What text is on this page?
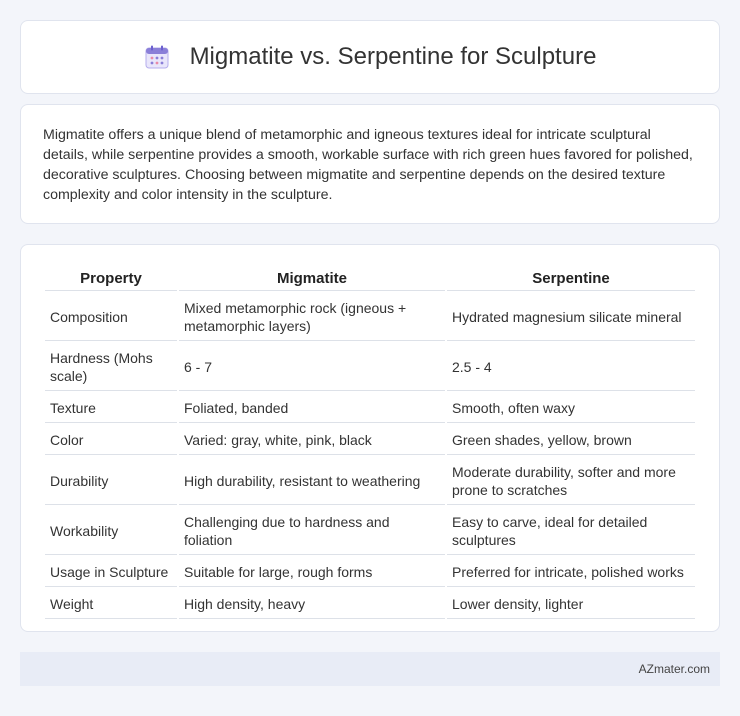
Migmatite vs. Serpentine for Sculpture

Migmatite offers a unique blend of metamorphic and igneous textures ideal for intricate sculptural details, while serpentine provides a smooth, workable surface with rich green hues favored for polished, decorative sculptures. Choosing between migmatite and serpentine depends on the desired texture complexity and color intensity in the sculpture.

Property	Migmatite	Serpentine
Composition	Mixed metamorphic rock (igneous + metamorphic layers)	Hydrated magnesium silicate mineral
Hardness (Mohs scale)	6 - 7	2.5 - 4
Texture	Foliated, banded	Smooth, often waxy
Color	Varied: gray, white, pink, black	Green shades, yellow, brown
Durability	High durability, resistant to weathering	Moderate durability, softer and more prone to scratches
Workability	Challenging due to hardness and foliation	Easy to carve, ideal for detailed sculptures
Usage in Sculpture	Suitable for large, rough forms	Preferred for intricate, polished works
Weight	High density, heavy	Lower density, lighter
AZmater.com
